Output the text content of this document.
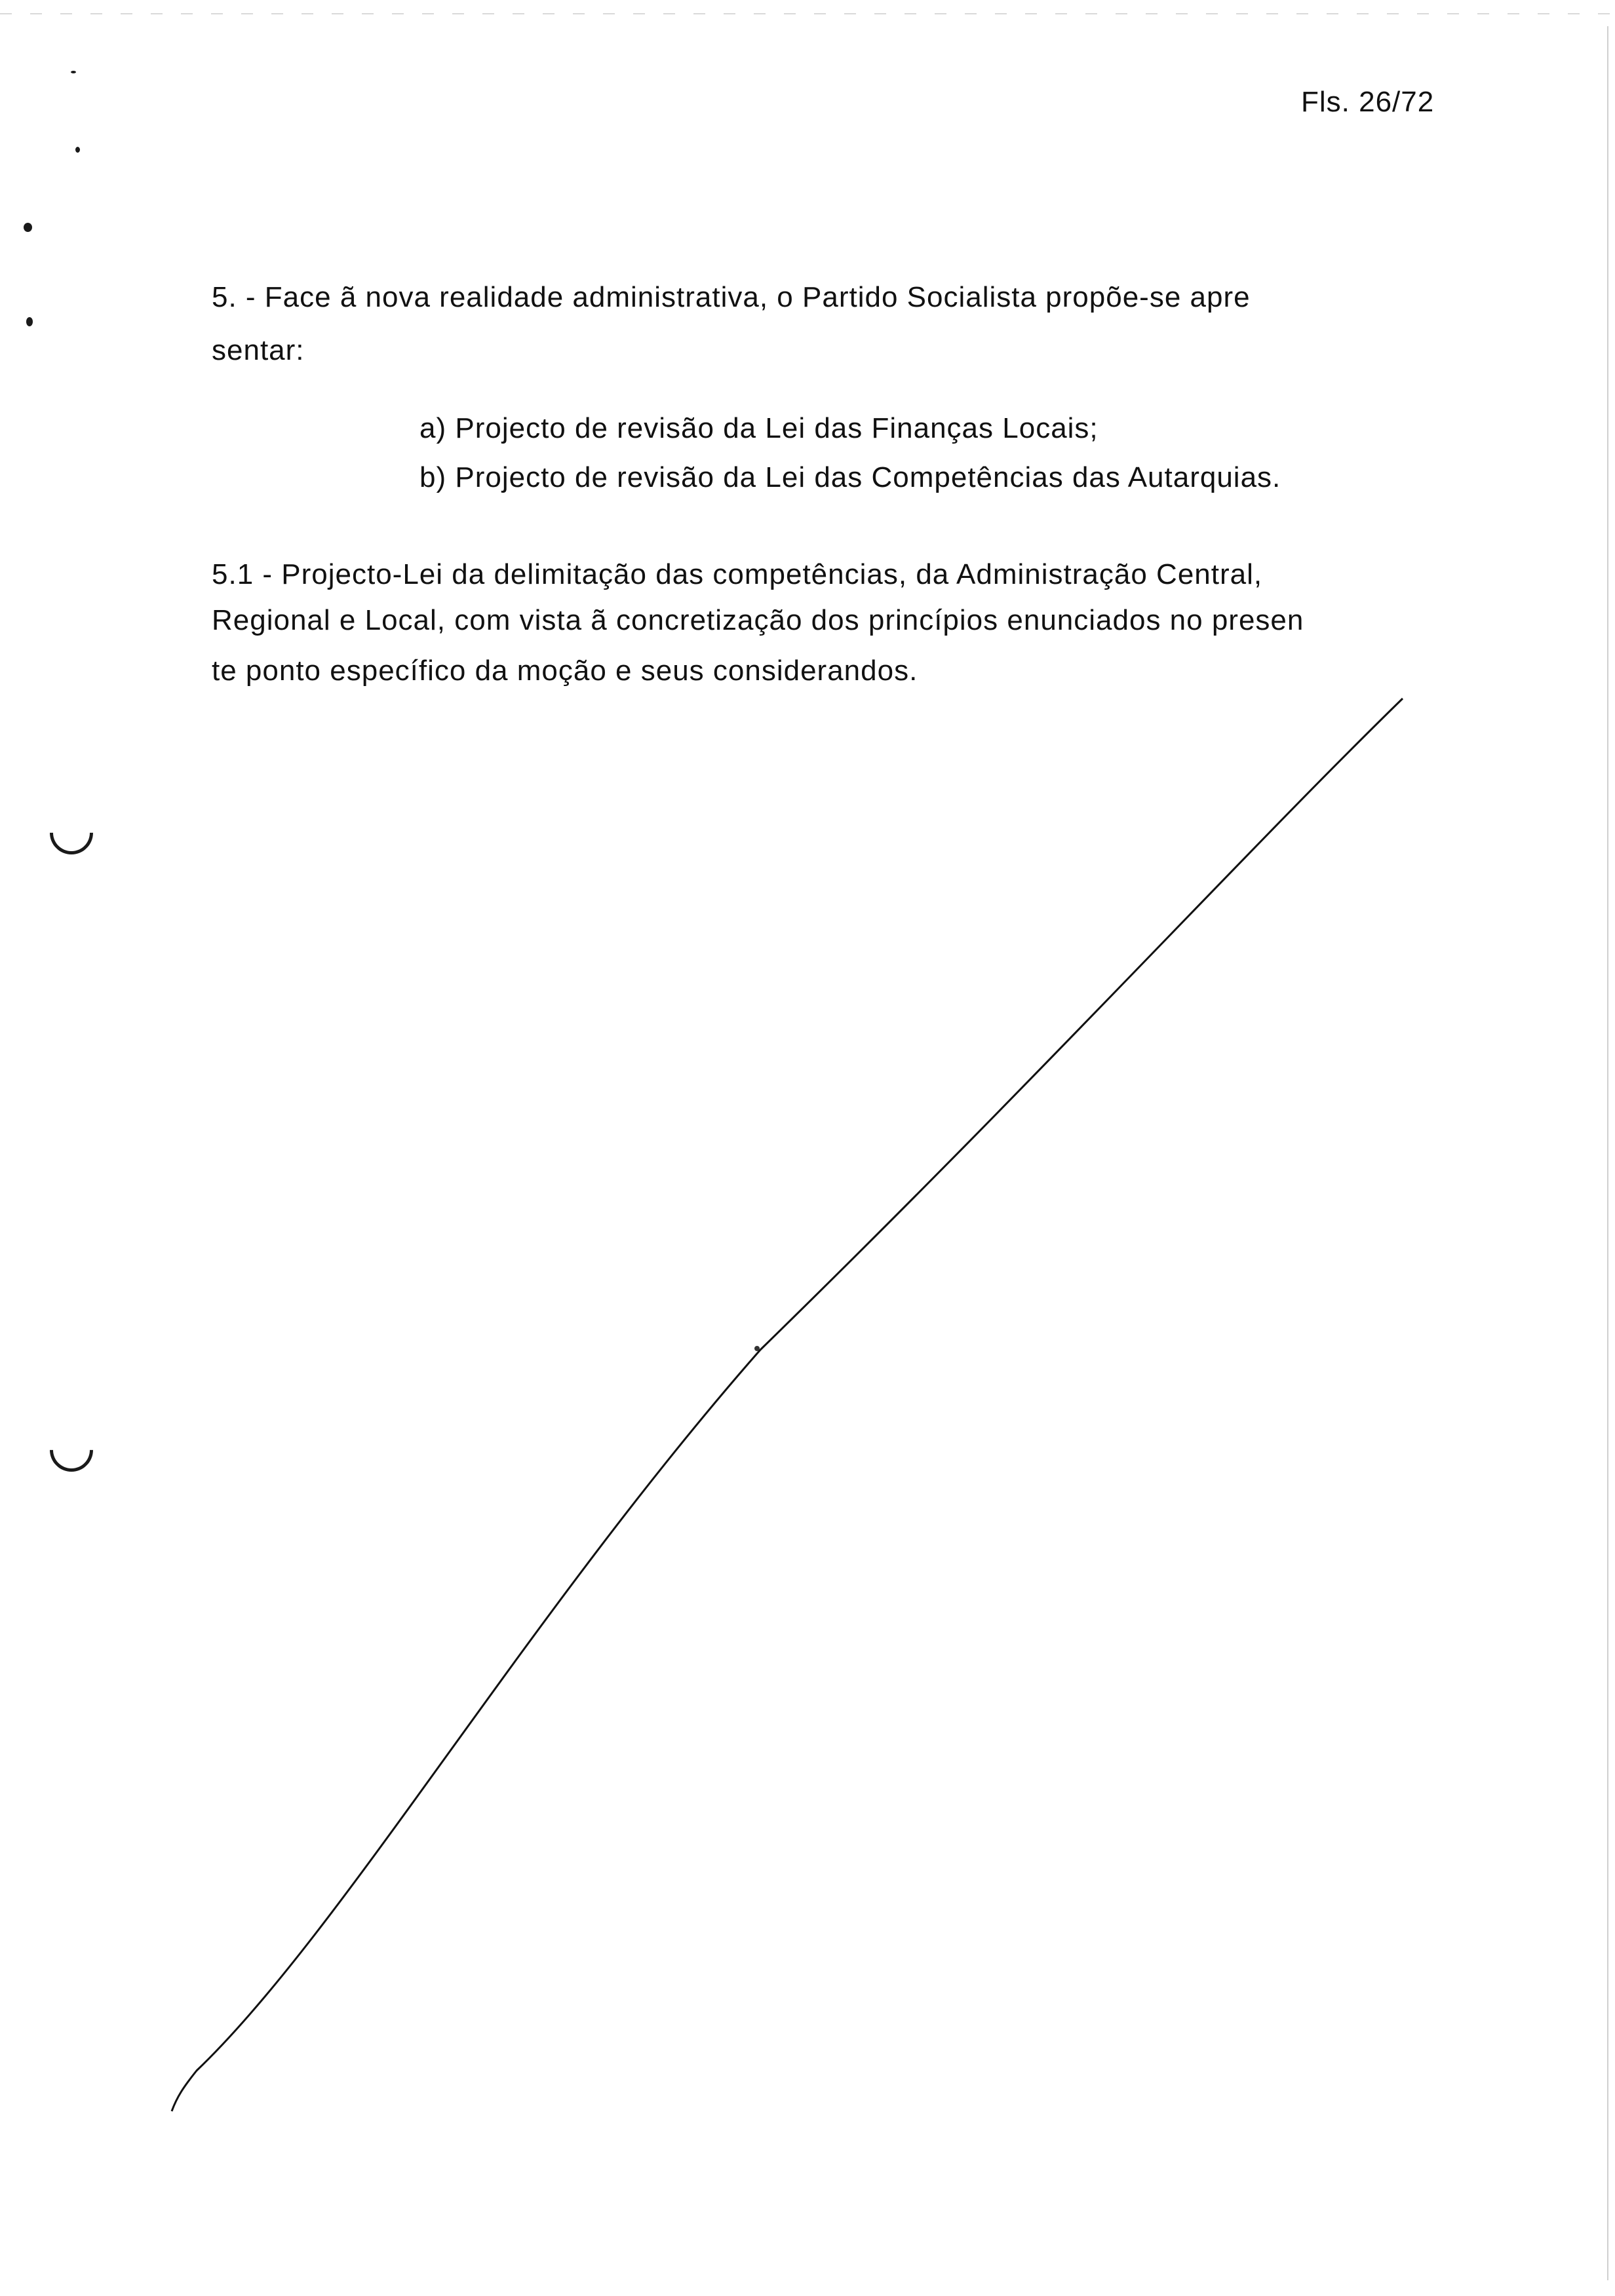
Fls. 26/72
5. - Face ã nova realidade administrativa, o Partido Socialista propõe-se apre
sentar:
a) Projecto de revisão da Lei das Finanças Locais;
b) Projecto de revisão da Lei das Competências das Autarquias.
5.1 - Projecto-Lei da delimitação das competências, da Administração Central,
Regional e Local, com vista ã concretização dos princípios enunciados no presen
te ponto específico da moção e seus considerandos.
